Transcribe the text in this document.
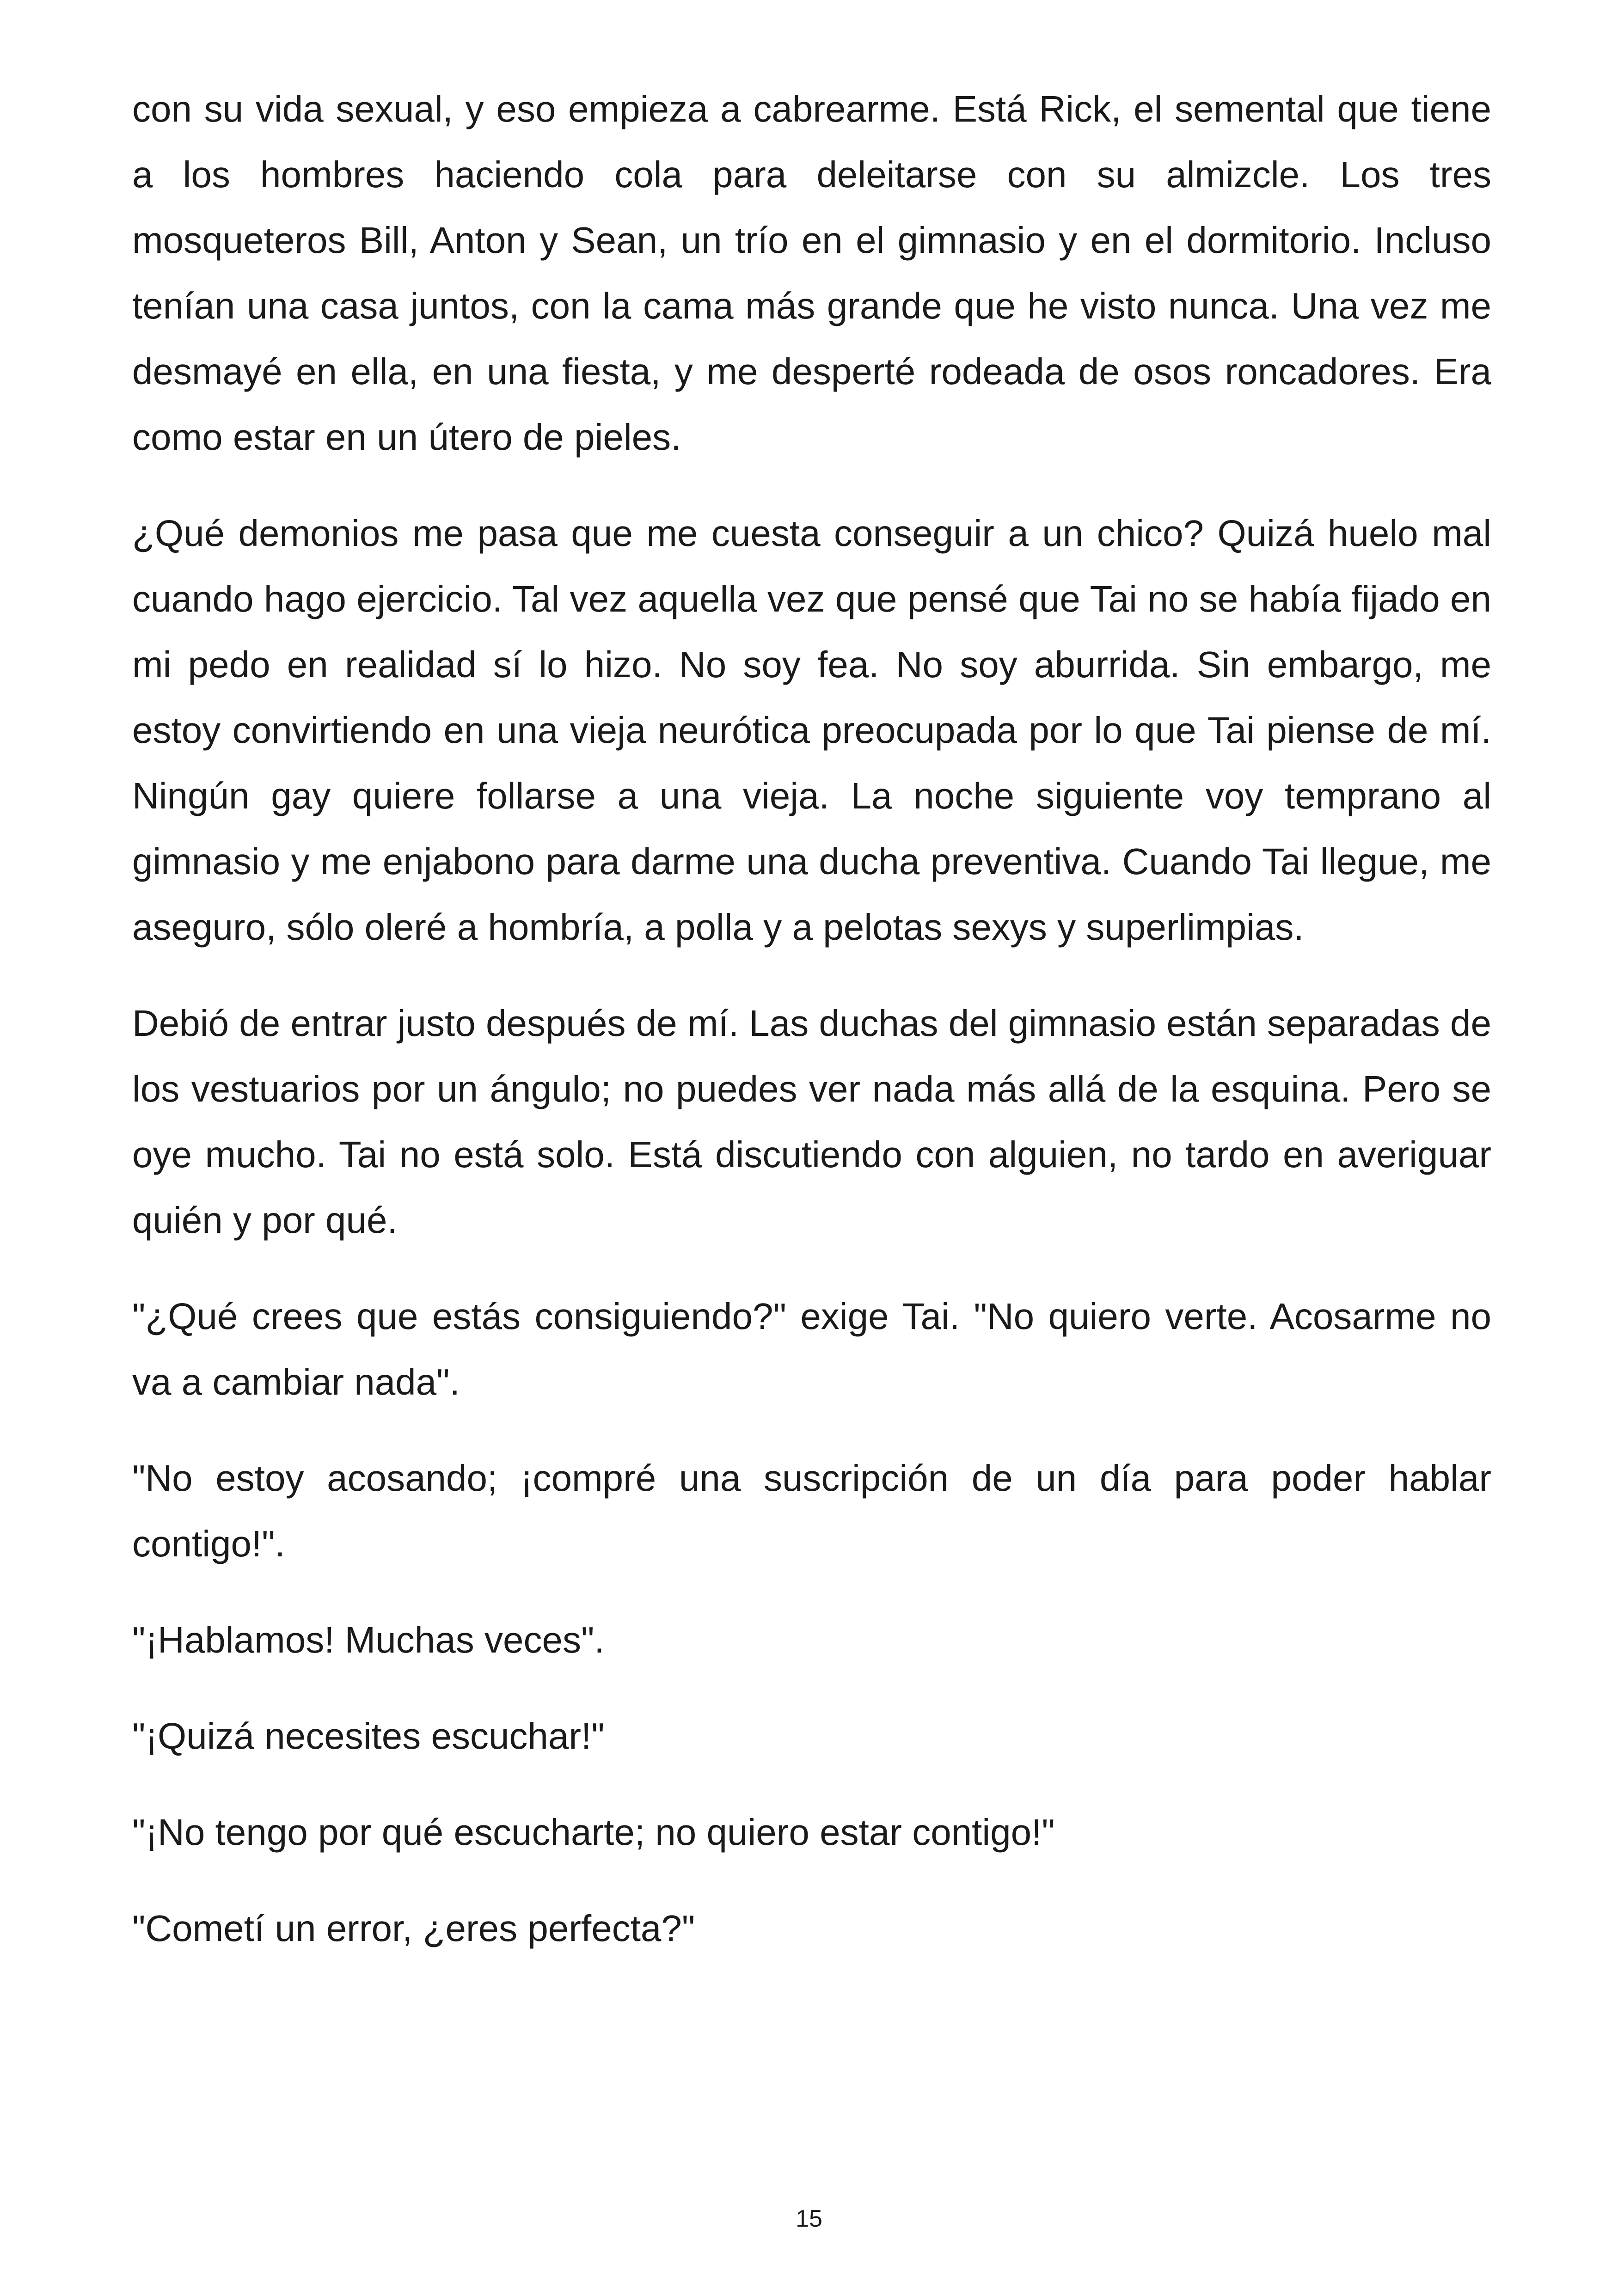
con su vida sexual, y eso empieza a cabrearme. Está Rick, el semental que tiene a los hombres haciendo cola para deleitarse con su almizcle. Los tres mosqueteros Bill, Anton y Sean, un trío en el gimnasio y en el dormitorio. Incluso tenían una casa juntos, con la cama más grande que he visto nunca. Una vez me desmayé en ella, en una fiesta, y me desperté rodeada de osos roncadores. Era como estar en un útero de pieles.

¿Qué demonios me pasa que me cuesta conseguir a un chico? Quizá huelo mal cuando hago ejercicio. Tal vez aquella vez que pensé que Tai no se había fijado en mi pedo en realidad sí lo hizo. No soy fea. No soy aburrida. Sin embargo, me estoy convirtiendo en una vieja neurótica preocupada por lo que Tai piense de mí. Ningún gay quiere follarse a una vieja. La noche siguiente voy temprano al gimnasio y me enjabono para darme una ducha preventiva. Cuando Tai llegue, me aseguro, sólo oleré a hombría, a polla y a pelotas sexys y superlimpias.

Debió de entrar justo después de mí. Las duchas del gimnasio están separadas de los vestuarios por un ángulo; no puedes ver nada más allá de la esquina. Pero se oye mucho. Tai no está solo. Está discutiendo con alguien, no tardo en averiguar quién y por qué.

"¿Qué crees que estás consiguiendo?" exige Tai. "No quiero verte. Acosarme no va a cambiar nada".

"No estoy acosando; ¡compré una suscripción de un día para poder hablar contigo!".

"¡Hablamos! Muchas veces".

"¡Quizá necesites escuchar!"

"¡No tengo por qué escucharte; no quiero estar contigo!"

"Cometí un error, ¿eres perfecta?"

15
